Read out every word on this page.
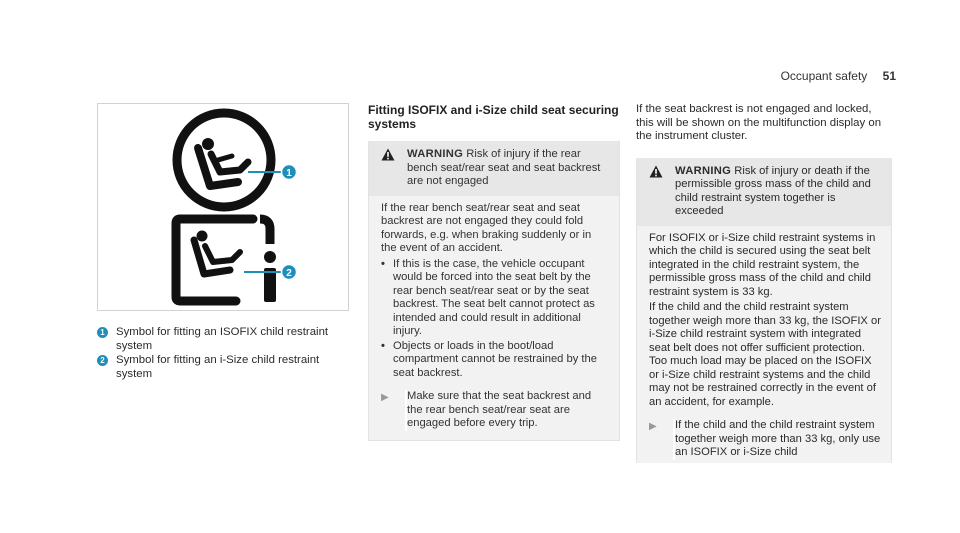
Occupant safety 51
1
2
1 Symbol for fitting an ISOFIX child restraint system
2 Symbol for fitting an i-Size child restraint system
Fitting ISOFIX and i-Size child seat securing systems
WARNING Risk of injury if the rear bench seat/rear seat and seat backrest are not engaged

If the rear bench seat/rear seat and seat backrest are not engaged they could fold forwards, e.g. when braking suddenly or in the event of an accident.

• If this is the case, the vehicle occupant would be forced into the seat belt by the rear bench seat/rear seat or by the seat backrest. The seat belt cannot protect as intended and could result in additional injury.
• Objects or loads in the boot/load compartment cannot be restrained by the seat backrest.
▶	Make sure that the seat backrest and the rear bench seat/rear seat are engaged before every trip.

If the seat backrest is not engaged and locked, this will be shown on the multifunction display on the instrument cluster.

WARNING Risk of injury or death if the permissible gross mass of the child and child restraint system together is exceeded

For ISOFIX or i-Size child restraint systems in which the child is secured using the seat belt integrated in the child restraint system, the permissible gross mass of the child and child restraint system is 33 kg.

If the child and the child restraint system together weigh more than 33 kg, the ISOFIX or i-Size child restraint system with integrated seat belt does not offer sufficient protection. Too much load may be placed on the ISOFIX or i-Size child restraint systems and the child may not be restrained correctly in the event of an accident, for example.

▶	If the child and the child restraint system together weigh more than 33 kg, only use an ISOFIX or i-Size child
